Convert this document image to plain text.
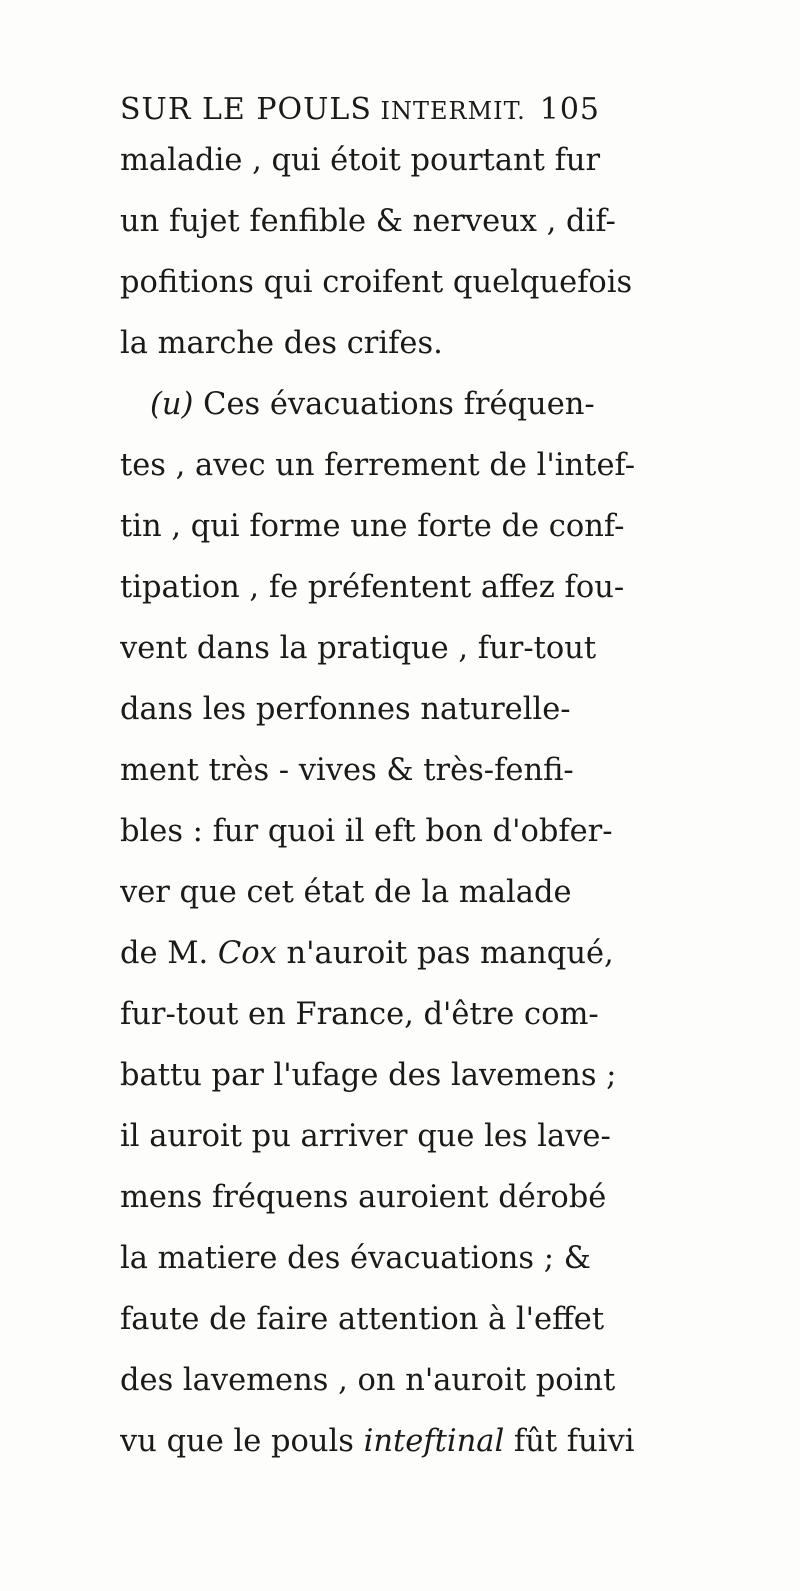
SUR LE POULS INTERMIT. 105
maladie , qui étoit pourtant fur
un fujet fenfible & nerveux , dif-
pofitions qui croifent quelquefois
la marche des crifes.
(u) Ces évacuations fréquen-
tes , avec un ferrement de l'intef-
tin , qui forme une forte de conf-
tipation , fe préfentent affez fou-
vent dans la pratique , fur-tout
dans les perfonnes naturelle-
ment très - vives & très-fenfi-
bles : fur quoi il eft bon d'obfer-
ver que cet état de la malade
de M. Cox n'auroit pas manqué,
fur-tout en France, d'être com-
battu par l'ufage des lavemens ;
il auroit pu arriver que les lave-
mens fréquens auroient dérobé
la matiere des évacuations ; &
faute de faire attention à l'effet
des lavemens , on n'auroit point
vu que le pouls inteftinal fût fuivi
